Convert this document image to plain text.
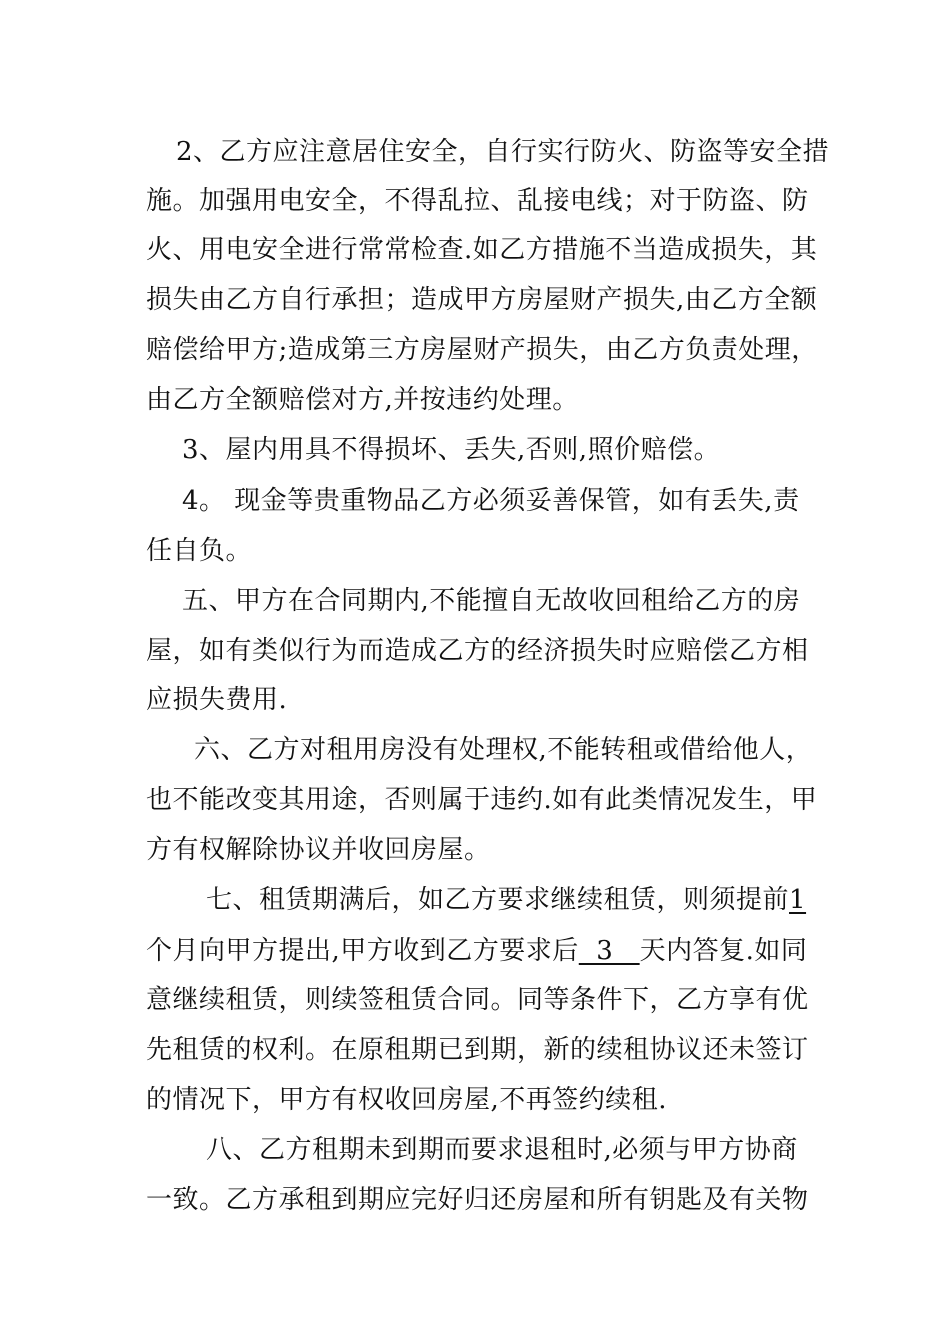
2、乙方应注意居住安全，自行实行防火、防盗等安全措
施。加强用电安全，不得乱拉、乱接电线；对于防盗、防
火、用电安全进行常常检查.如乙方措施不当造成损失，其
损失由乙方自行承担；造成甲方房屋财产损失,由乙方全额
赔偿给甲方;造成第三方房屋财产损失，由乙方负责处理，
由乙方全额赔偿对方,并按违约处理。
3、屋内用具不得损坏、丢失,否则,照价赔偿。
4。 现金等贵重物品乙方必须妥善保管，如有丢失,责
任自负。
五、甲方在合同期内,不能擅自无故收回租给乙方的房
屋，如有类似行为而造成乙方的经济损失时应赔偿乙方相
应损失费用.
六、乙方对租用房没有处理权,不能转租或借给他人，
也不能改变其用途，否则属于违约.如有此类情况发生，甲
方有权解除协议并收回房屋。
七、租赁期满后，如乙方要求继续租赁，则须提前1
个月向甲方提出,甲方收到乙方要求后  3   天内答复.如同
意继续租赁，则续签租赁合同。同等条件下，乙方享有优
先租赁的权利。在原租期已到期，新的续租协议还未签订
的情况下，甲方有权收回房屋,不再签约续租.
八、乙方租期未到期而要求退租时,必须与甲方协商
一致。乙方承租到期应完好归还房屋和所有钥匙及有关物
